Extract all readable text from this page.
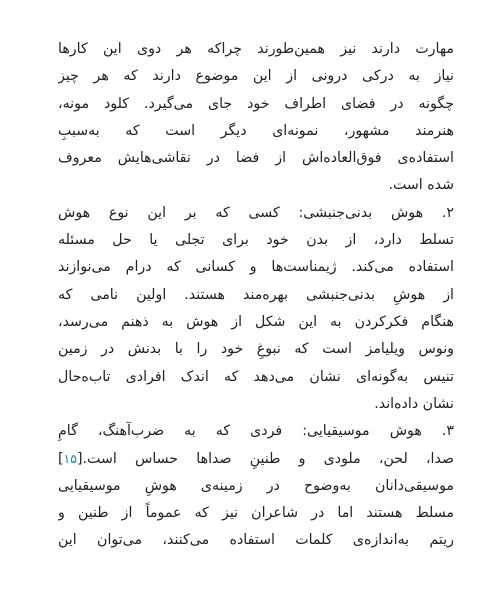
مهارت دارند نیز همین‌طورند چراکه هر دوی این کارها
نیاز به درکی درونی از این موضوع دارند که هر چیز
چگونه در فضای اطراف خود جای می‌گیرد. کلود مونه،
هنرمند مشهور، نمونه‌ای دیگر است که به‌سببِ
استفاده‌ی فوق‌العاده‌اش از فضا در نقاشی‌هایش معروف
شده است.
۲. هوش بدنی‌جنبشی: کسی که بر این نوع هوش
تسلط دارد، از بدن خود برای تجلی یا حل مسئله
استفاده می‌کند. ژیمناست‌ها و کسانی که درام می‌نوازند
از هوشِ بدنی‌جنبشی بهره‌مند هستند. اولین نامی که
هنگام فکرکردن به این شکل از هوش به ذهنم می‌رسد،
ونوس ویلیامز است که نبوغِ خود را با بدنش در زمین
تنیس به‌گونه‌ای نشان می‌دهد که اندک افرادی تاب‌ه‌حال
نشان داده‌اند.
۳. هوش موسیقیایی: فردی که به ضرب‌آهنگ، گامِ
صدا، لحن، ملودی و طنینِ صداها حساس است.[۱۵]
موسیقی‌دانان به‌وضوح در زمینه‌ی هوشِ موسیقیایی
مسلط هستند اما در شاعران نیز که عموماً از طنین و
ریتم به‌اندازه‌ی کلمات استفاده می‌کنند، می‌توان این
